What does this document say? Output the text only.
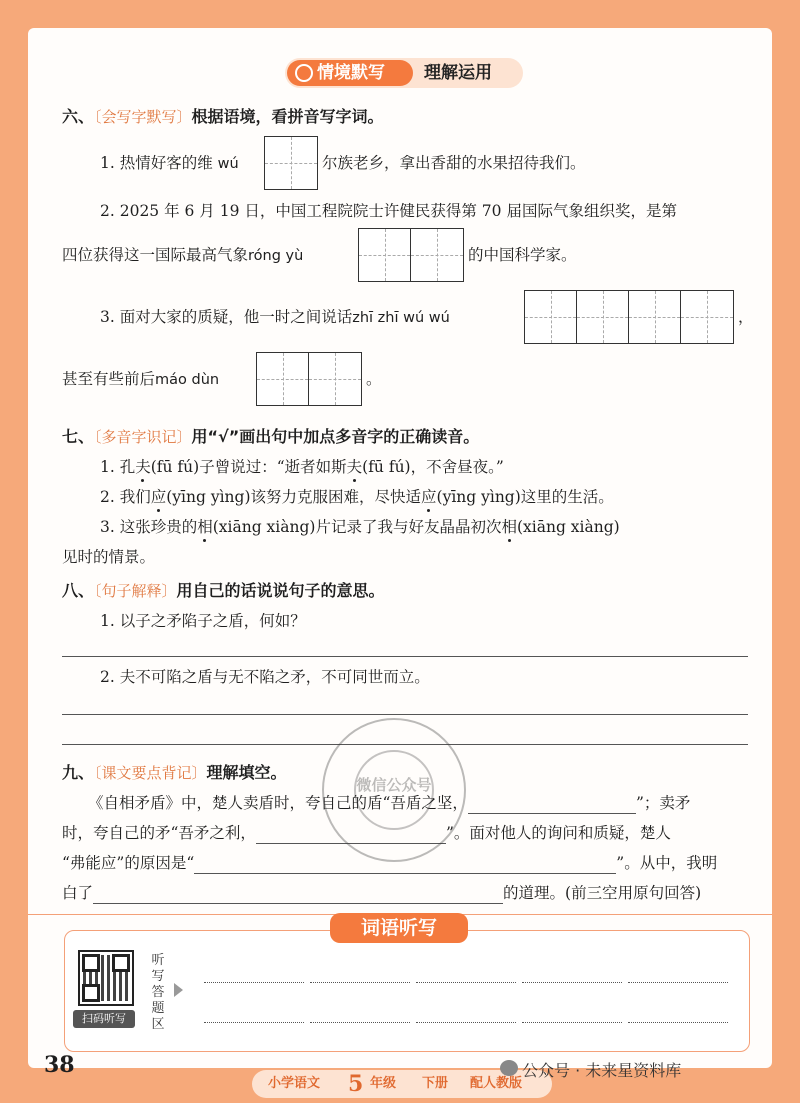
情境默写 理解运用
六、〔会写字默写〕根据语境，看拼音写字词。
1. 热情好客的维 wú	尔族老乡，拿出香甜的水果招待我们。
2. 2025 年 6 月 19 日，中国工程院院士许健民获得第 70 届国际气象组织奖，是第
四位获得这一国际最高气象róng yù	的中国科学家。
3. 面对大家的质疑，他一时之间说话zhī zhī wú wú	，
甚至有些前后máo dùn	。
七、〔多音字识记〕用“√”画出句中加点多音字的正确读音。
1. 孔夫(fū fú)子曾说过：“逝者如斯夫(fū fú)，不舍昼夜。”
2. 我们应(yīng yìng)该努力克服困难，尽快适应(yīng yìng)这里的生活。
3. 这张珍贵的相(xiāng xiàng)片记录了我与好友晶晶初次相(xiāng xiàng)
见时的情景。
八、〔句子解释〕用自己的话说说句子的意思。
1. 以子之矛陷子之盾，何如？
2. 夫不可陷之盾与无不陷之矛，不可同世而立。
九、〔课文要点背记〕理解填空。
《自相矛盾》中，楚人卖盾时，夸自己的盾“吾盾之坚，	”；卖矛
时，夸自己的矛“吾矛之利，	”。面对他人的询问和质疑，楚人
“弗能应”的原因是“	”。从中，我明
白了	的道理。(前三空用原句回答)
微信公众号
词语听写
扫码听写
听写答题区
38
小学语文 5 年级 下册 配人教版
公众号 · 未来星资料库
